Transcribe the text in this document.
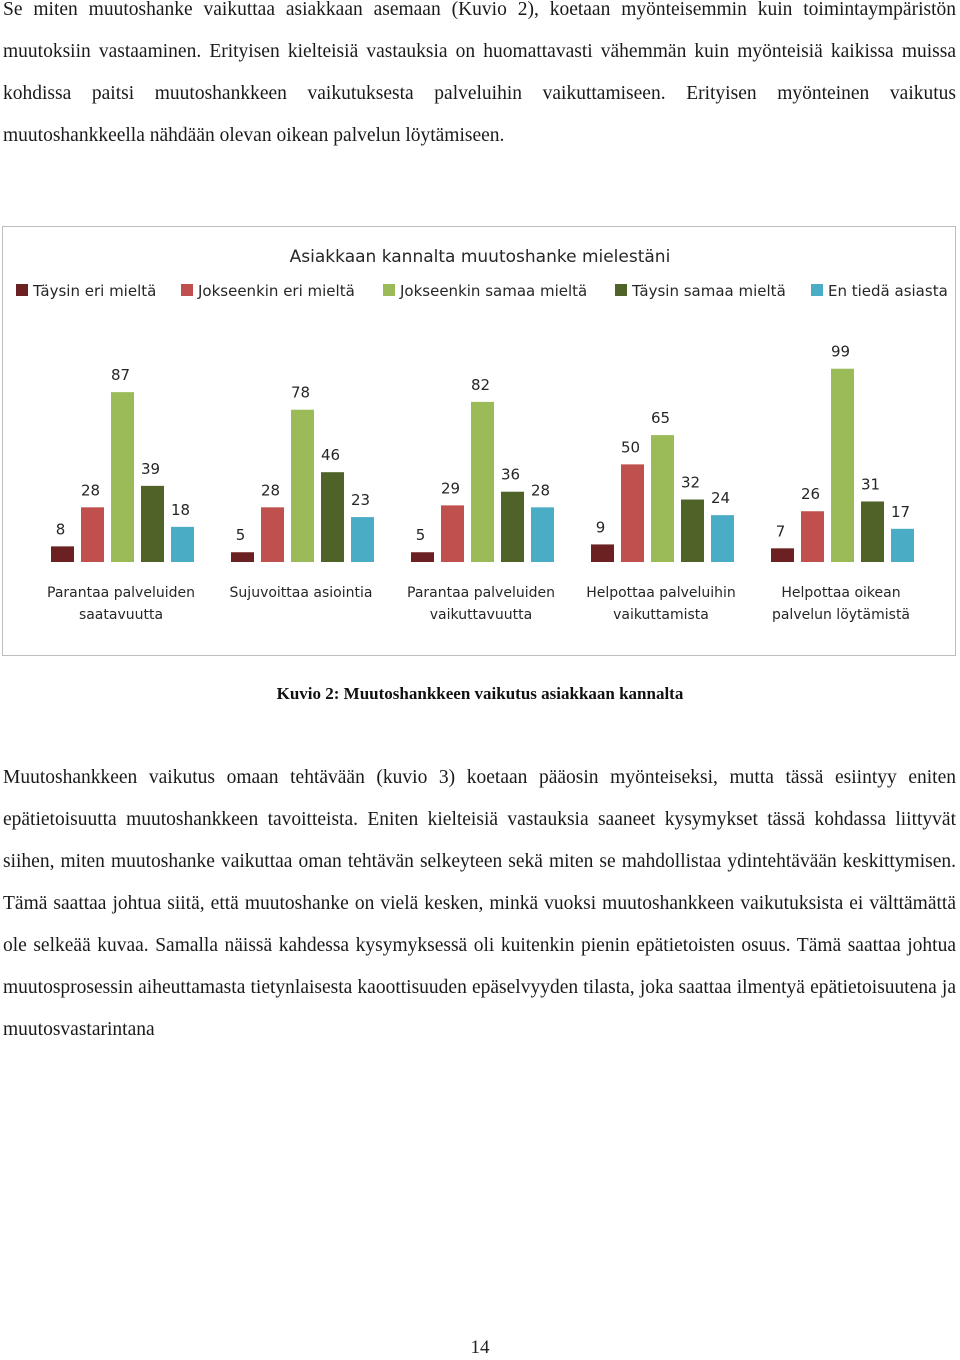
Se miten muutoshanke vaikuttaa asiakkaan asemaan (Kuvio 2), koetaan myönteisemmin kuin toimintaympäristön muutoksiin vastaaminen. Erityisen kielteisiä vastauksia on huomattavasti vähemmän kuin myönteisiä kaikissa muissa kohdissa paitsi muutoshankkeen vaikutuksesta palveluihin vaikuttamiseen. Erityisen myönteinen vaikutus muutoshankkeella nähdään olevan oikean palvelun löytämiseen.

Asiakkaan kannalta muutoshanke mielestäni
Täysin eri mieltä	Jokseenkin eri mieltä	Jokseenkin samaa mieltä	Täysin samaa mieltä	En tiedä asiasta
8
28
87
39
18
Parantaa palveluiden
saatavuutta
5
28
78
46
23
Sujuvoittaa asiointia
5
29
82
36
28
Parantaa palveluiden
vaikuttavuutta
9
50
65
32
24
Helpottaa palveluihin
vaikuttamista
7
26
99
31
17
Helpottaa oikean
palvelun löytämistä
Kuvio 2: Muutoshankkeen vaikutus asiakkaan kannalta

Muutoshankkeen vaikutus omaan tehtävään (kuvio 3) koetaan pääosin myönteiseksi, mutta tässä esiintyy eniten epätietoisuutta muutoshankkeen tavoitteista. Eniten kielteisiä vastauksia saaneet kysymykset tässä kohdassa liittyvät siihen, miten muutoshanke vaikuttaa oman tehtävän selkeyteen sekä miten se mahdollistaa ydintehtävään keskittymisen. Tämä saattaa johtua siitä, että muutoshanke on vielä kesken, minkä vuoksi muutoshankkeen vaikutuksista ei välttämättä ole selkeää kuvaa. Samalla näissä kahdessa kysymyksessä oli kuitenkin pienin epätietoisten osuus. Tämä saattaa johtua muutosprosessin aiheuttamasta tietynlaisesta kaoottisuuden epäselvyyden tilasta, joka saattaa ilmentyä epätietoisuutena ja muutosvastarintana

14
